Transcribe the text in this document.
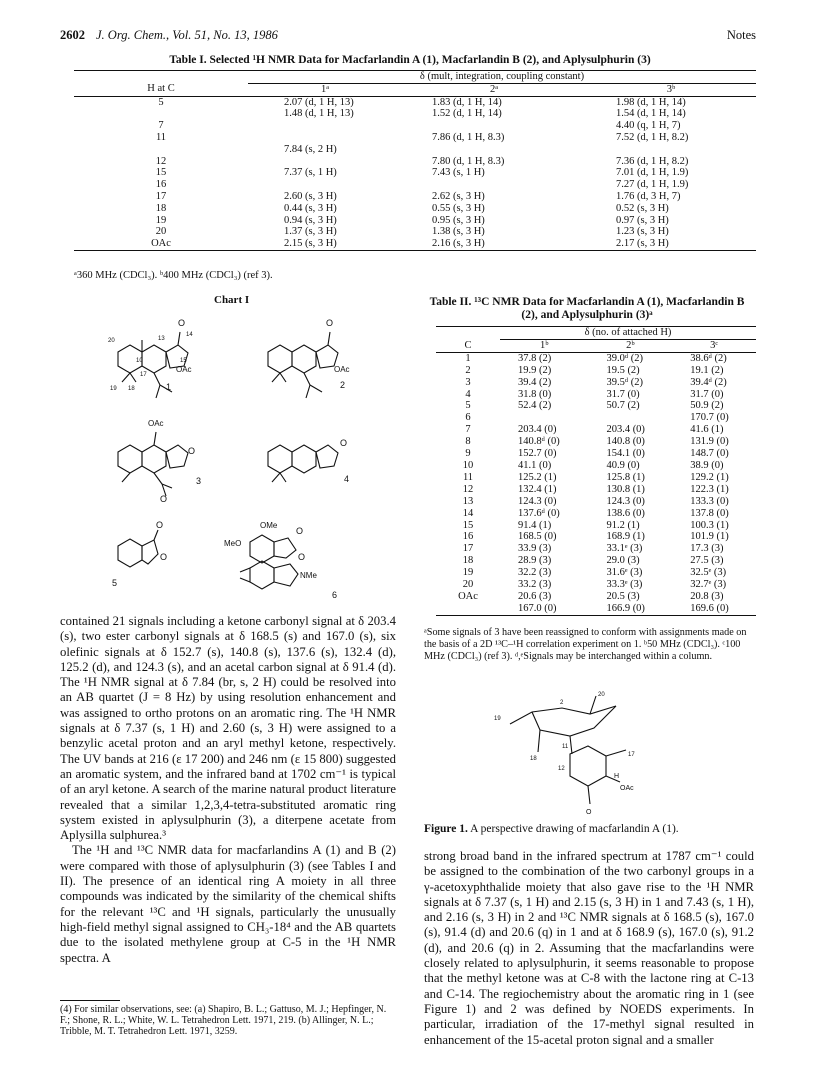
2602 J. Org. Chem., Vol. 51, No. 13, 1986	Notes
Table I. Selected ¹H NMR Data for Macfarlandin A (1), Macfarlandin B (2), and Aplysulphurin (3)
	δ (mult, integration, coupling constant)		
H at C	1ᵃ	2ᵃ	3ᵇ
5	2.07 (d, 1 H, 13)	1.83 (d, 1 H, 14)	1.98 (d, 1 H, 14)
	1.48 (d, 1 H, 13)	1.52 (d, 1 H, 14)	1.54 (d, 1 H, 14)
7			4.40 (q, 1 H, 7)
11		7.86 (d, 1 H, 8.3)	7.52 (d, 1 H, 8.2)
	7.84 (s, 2 H)		
12		7.80 (d, 1 H, 8.3)	7.36 (d, 1 H, 8.2)
15	7.37 (s, 1 H)	7.43 (s, 1 H)	7.01 (d, 1 H, 1.9)
16			7.27 (d, 1 H, 1.9)
17	2.60 (s, 3 H)	2.62 (s, 3 H)	1.76 (d, 3 H, 7)
18	0.44 (s, 3 H)	0.55 (s, 3 H)	0.52 (s, 3 H)
19	0.94 (s, 3 H)	0.95 (s, 3 H)	0.97 (s, 3 H)
20	1.37 (s, 3 H)	1.38 (s, 3 H)	1.23 (s, 3 H)
OAc	2.15 (s, 3 H)	2.16 (s, 3 H)	2.17 (s, 3 H)
ᵃ360 MHz (CDCl₃). ᵇ400 MHz (CDCl₃) (ref 3).
Chart I
20	13
14
O
15
OAc
10
17
19 18	1
O
OAc
2
OAc
O
O
3
O
4
O
O
5
OMe
MeO
O
O
NMe
6
Table II. ¹³C NMR Data for Macfarlandin A (1), Macfarlandin B (2), and Aplysulphurin (3)ᵃ
	δ (no. of attached H)		
C	1ᵇ	2ᵇ	3ᶜ
1	37.8 (2)	39.0ᵈ (2)	38.6ᵈ (2)
2	19.9 (2)	19.5 (2)	19.1 (2)
3	39.4 (2)	39.5ᵈ (2)	39.4ᵈ (2)
4	31.8 (0)	31.7 (0)	31.7 (0)
5	52.4 (2)	50.7 (2)	50.9 (2)
6			170.7 (0)
7	203.4 (0)	203.4 (0)	41.6 (1)
8	140.8ᵈ (0)	140.8 (0)	131.9 (0)
9	152.7 (0)	154.1 (0)	148.7 (0)
10	41.1 (0)	40.9 (0)	38.9 (0)
11	125.2 (1)	125.8 (1)	129.2 (1)
12	132.4 (1)	130.8 (1)	122.3 (1)
13	124.3 (0)	124.3 (0)	133.3 (0)
14	137.6ᵈ (0)	138.6 (0)	137.8 (0)
15	91.4 (1)	91.2 (1)	100.3 (1)
16	168.5 (0)	168.9 (1)	101.9 (1)
17	33.9 (3)	33.1ᵉ (3)	17.3 (3)
18	28.9 (3)	29.0 (3)	27.5 (3)
19	32.2 (3)	31.6ᵉ (3)	32.5ᵉ (3)
20	33.2 (3)	33.3ᵉ (3)	32.7ᵉ (3)
OAc	20.6 (3)	20.5 (3)	20.8 (3)
	167.0 (0)	166.9 (0)	169.6 (0)
ᵃSome signals of 3 have been reassigned to conform with assignments made on the basis of a 2D ¹³C–¹H correlation experiment on 1. ᵇ50 MHz (CDCl₃). ᶜ100 MHz (CDCl₃) (ref 3). ᵈ,ᵉSignals may be interchanged within a column.
19
2
20
18
11
17
12
H
OAc
O
Figure 1. A perspective drawing of macfarlandin A (1).
contained 21 signals including a ketone carbonyl signal at δ 203.4 (s), two ester carbonyl signals at δ 168.5 (s) and 167.0 (s), six olefinic signals at δ 152.7 (s), 140.8 (s), 137.6 (s), 132.4 (d), 125.2 (d), and 124.3 (s), and an acetal carbon signal at δ 91.4 (d). The ¹H NMR signal at δ 7.84 (br, s, 2 H) could be resolved into an AB quartet (J = 8 Hz) by using resolution enhancement and was assigned to ortho protons on an aromatic ring. The ¹H NMR signals at δ 7.37 (s, 1 H) and 2.60 (s, 3 H) were assigned to a benzylic acetal proton and an aryl methyl ketone, respectively. The UV bands at 216 (ε 17 200) and 246 nm (ε 15 800) suggested an aromatic system, and the infrared band at 1702 cm⁻¹ is typical of an aryl ketone. A search of the marine natural product literature revealed that a similar 1,2,3,4-tetra-substituted aromatic ring system existed in aplysulphurin (3), a diterpene acetate from Aplysilla sulphurea.³
The ¹H and ¹³C NMR data for macfarlandins A (1) and B (2) were compared with those of aplysulphurin (3) (see Tables I and II). The presence of an identical ring A moiety in all three compounds was indicated by the similarity of the chemical shifts for the relevant ¹³C and ¹H signals, particularly the unusually high-field methyl signal assigned to CH₃-18⁴ and the AB quartets due to the isolated methylene group at C-5 in the ¹H NMR spectra. A
strong broad band in the infrared spectrum at 1787 cm⁻¹ could be assigned to the combination of the two carbonyl groups in a γ-acetoxyphthalide moiety that also gave rise to the ¹H NMR signals at δ 7.37 (s, 1 H) and 2.15 (s, 3 H) in 1 and 7.43 (s, 1 H), and 2.16 (s, 3 H) in 2 and ¹³C NMR signals at δ 168.5 (s), 167.0 (s), 91.4 (d) and 20.6 (q) in 1 and at δ 168.9 (s), 167.0 (s), 91.2 (d), and 20.6 (q) in 2. Assuming that the macfarlandins were closely related to aplysulphurin, it seems reasonable to propose that the methyl ketone was at C-8 with the lactone ring at C-13 and C-14. The regiochemistry about the aromatic ring in 1 (see Figure 1) and 2 was defined by NOEDS experiments. In particular, irradiation of the 17-methyl signal resulted in enhancement of the 15-acetal proton signal and a smaller
(4) For similar observations, see: (a) Shapiro, B. L.; Gattuso, M. J.; Hepfinger, N. F.; Shone, R. L.; White, W. L. Tetrahedron Lett. 1971, 219. (b) Allinger, N. L.; Tribble, M. T. Tetrahedron Lett. 1971, 3259.
